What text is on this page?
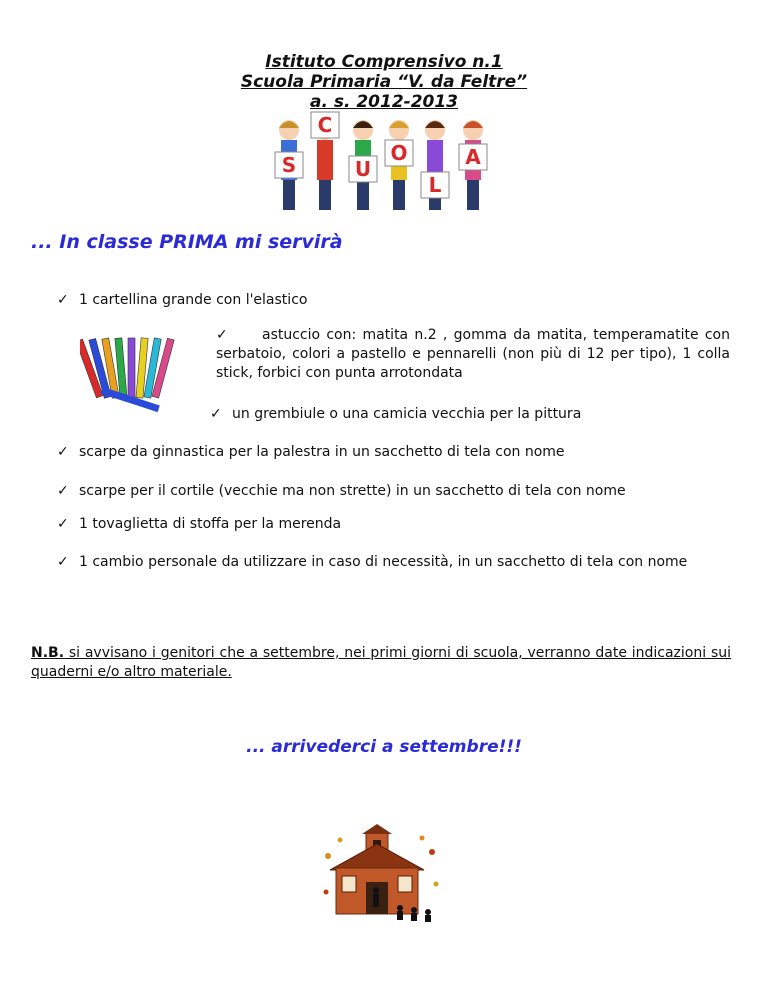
Istituto Comprensivo n.1
Scuola Primaria “V. da Feltre”
a. s. 2012-2013
S
C
U
O
L
A
... In classe PRIMA mi servirà
✓ 1 cartellina grande con l'elastico
✓ astuccio con: matita n.2 , gomma da matita, temperamatite con serbatoio, colori a pastello e pennarelli (non più di 12 per tipo), 1 colla stick, forbici con punta arrotondata
✓ un grembiule o una camicia vecchia per la pittura
✓ scarpe da ginnastica per la palestra in un sacchetto di tela con nome
✓ scarpe per il cortile (vecchie ma non strette) in un sacchetto di tela con nome
✓ 1 tovaglietta di stoffa per la merenda
✓ 1 cambio personale da utilizzare in caso di necessità, in un sacchetto di tela con nome
N.B. si avvisano i genitori che a settembre, nei primi giorni di scuola, verranno date indicazioni sui quaderni e/o altro materiale.
... arrivederci a settembre!!!
